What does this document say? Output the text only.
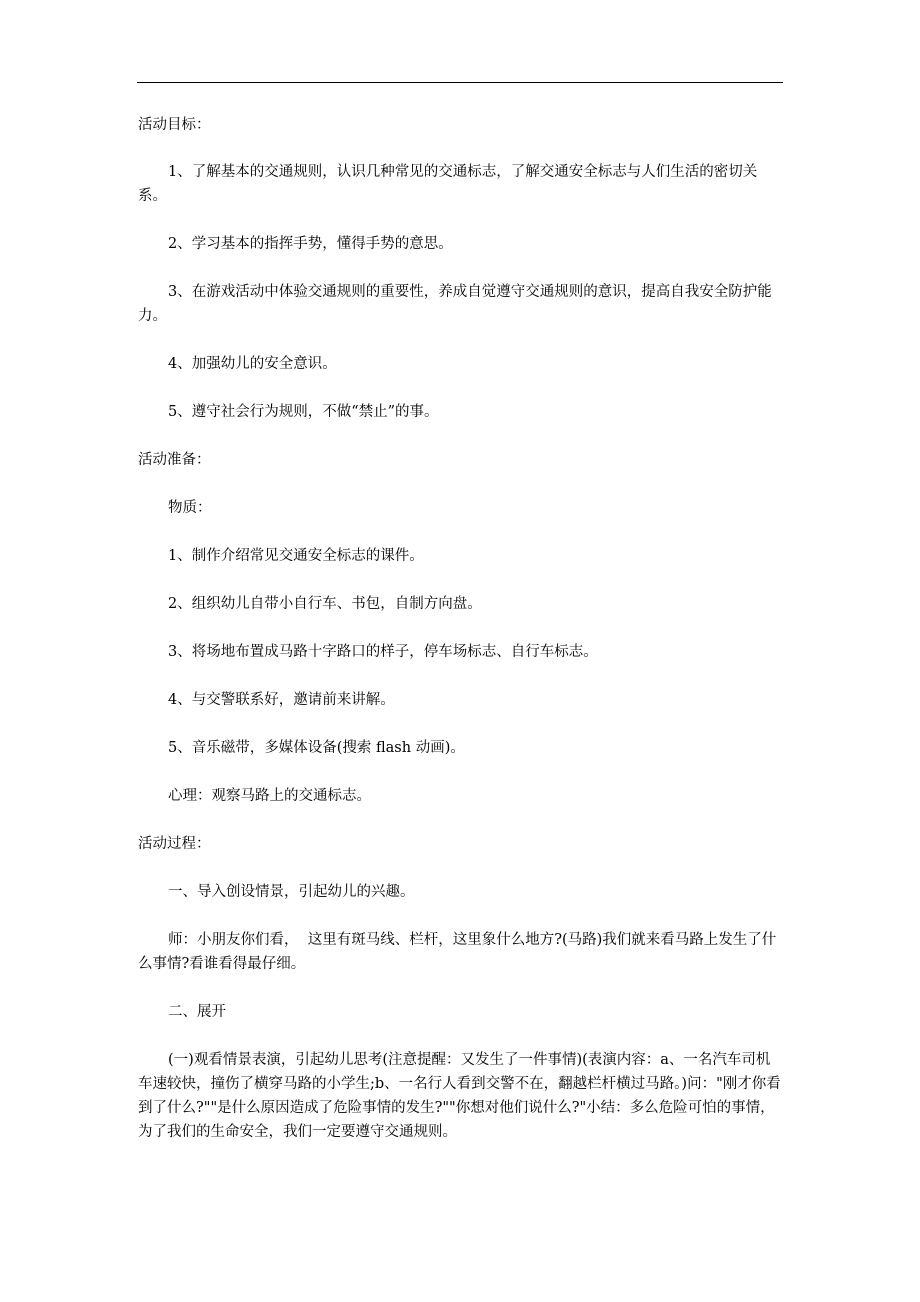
活动目标：
1、了解基本的交通规则，认识几种常见的交通标志，了解交通安全标志与人们生活的密切关系。
2、学习基本的指挥手势，懂得手势的意思。
3、在游戏活动中体验交通规则的重要性，养成自觉遵守交通规则的意识，提高自我安全防护能力。
4、加强幼儿的安全意识。
5、遵守社会行为规则，不做“禁止”的事。
活动准备：
物质：
1、制作介绍常见交通安全标志的课件。
2、组织幼儿自带小自行车、书包，自制方向盘。
3、将场地布置成马路十字路口的样子，停车场标志、自行车标志。
4、与交警联系好，邀请前来讲解。
5、音乐磁带，多媒体设备(搜索 flash 动画)。
心理：观察马路上的交通标志。
活动过程：
一、导入创设情景，引起幼儿的兴趣。
师：小朋友你们看，  这里有斑马线、栏杆，这里象什么地方?(马路)我们就来看马路上发生了什么事情?看谁看得最仔细。
二、展开
(一)观看情景表演，引起幼儿思考(注意提醒：又发生了一件事情)(表演内容：a、一名汽车司机车速较快，撞伤了横穿马路的小学生;b、一名行人看到交警不在，翻越栏杆横过马路。)问："刚才你看到了什么?""是什么原因造成了危险事情的发生?""你想对他们说什么?"小结：多么危险可怕的事情，为了我们的生命安全，我们一定要遵守交通规则。
